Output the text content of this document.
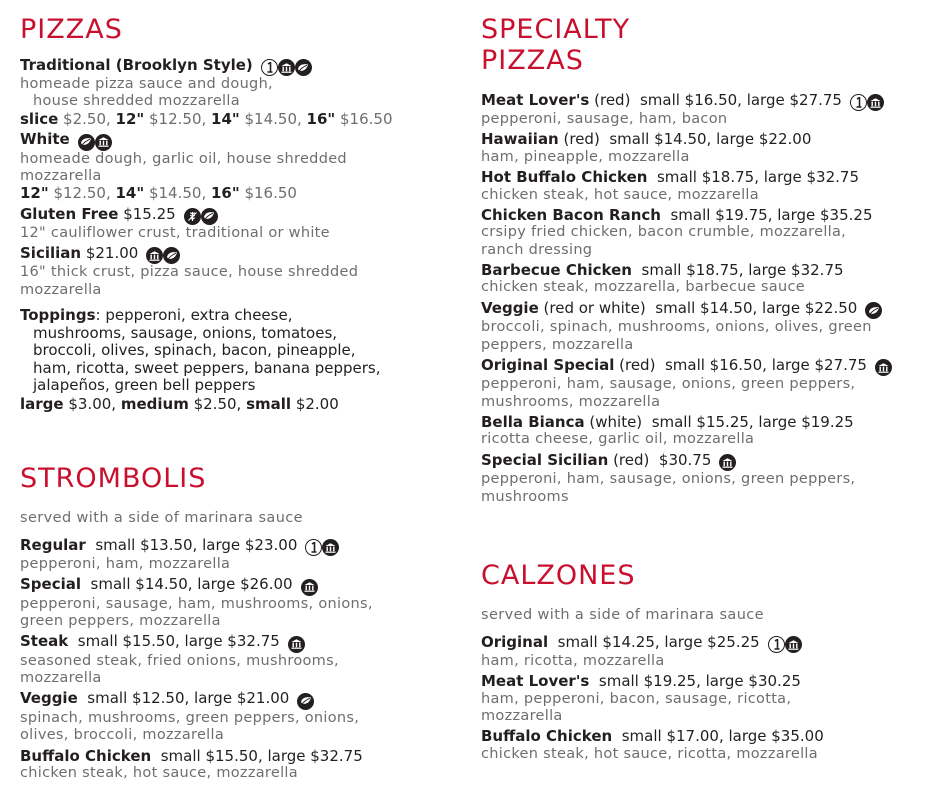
PIZZAS
Traditional (Brooklyn Style)
homeade pizza sauce and dough,
house shredded mozzarella
slice $2.50, 12" $12.50, 14" $14.50, 16" $16.50
White
homeade dough, garlic oil, house shredded
mozzarella
12" $12.50, 14" $14.50, 16" $16.50
Gluten Free $15.25
12" cauliflower crust, traditional or white
Sicilian $21.00
16" thick crust, pizza sauce, house shredded
mozzarella
Toppings: pepperoni, extra cheese,
mushrooms, sausage, onions, tomatoes,
broccoli, olives, spinach, bacon, pineapple,
ham, ricotta, sweet peppers, banana peppers,
jalapeños, green bell peppers
large $3.00, medium $2.50, small $2.00
STROMBOLIS
served with a side of marinara sauce
Regular  small $13.50, large $23.00
pepperoni, ham, mozzarella
Special  small $14.50, large $26.00
pepperoni, sausage, ham, mushrooms, onions,
green peppers, mozzarella
Steak  small $15.50, large $32.75
seasoned steak, fried onions, mushrooms,
mozzarella
Veggie  small $12.50, large $21.00
spinach, mushrooms, green peppers, onions,
olives, broccoli, mozzarella
Buffalo Chicken  small $15.50, large $32.75
chicken steak, hot sauce, mozzarella
SPECIALTY
PIZZAS
Meat Lover's (red)  small $16.50, large $27.75
pepperoni, sausage, ham, bacon
Hawaiian (red)  small $14.50, large $22.00
ham, pineapple, mozzarella
Hot Buffalo Chicken  small $18.75, large $32.75
chicken steak, hot sauce, mozzarella
Chicken Bacon Ranch  small $19.75, large $35.25
crsipy fried chicken, bacon crumble, mozzarella,
ranch dressing
Barbecue Chicken  small $18.75, large $32.75
chicken steak, mozzarella, barbecue sauce
Veggie (red or white)  small $14.50, large $22.50
broccoli, spinach, mushrooms, onions, olives, green
peppers, mozzarella
Original Special (red)  small $16.50, large $27.75
pepperoni, ham, sausage, onions, green peppers,
mushrooms, mozzarella
Bella Bianca (white)  small $15.25, large $19.25
ricotta cheese, garlic oil, mozzarella
Special Sicilian (red)  $30.75
pepperoni, ham, sausage, onions, green peppers,
mushrooms
CALZONES
served with a side of marinara sauce
Original  small $14.25, large $25.25
ham, ricotta, mozzarella
Meat Lover's  small $19.25, large $30.25
ham, pepperoni, bacon, sausage, ricotta,
mozzarella
Buffalo Chicken  small $17.00, large $35.00
chicken steak, hot sauce, ricotta, mozzarella
